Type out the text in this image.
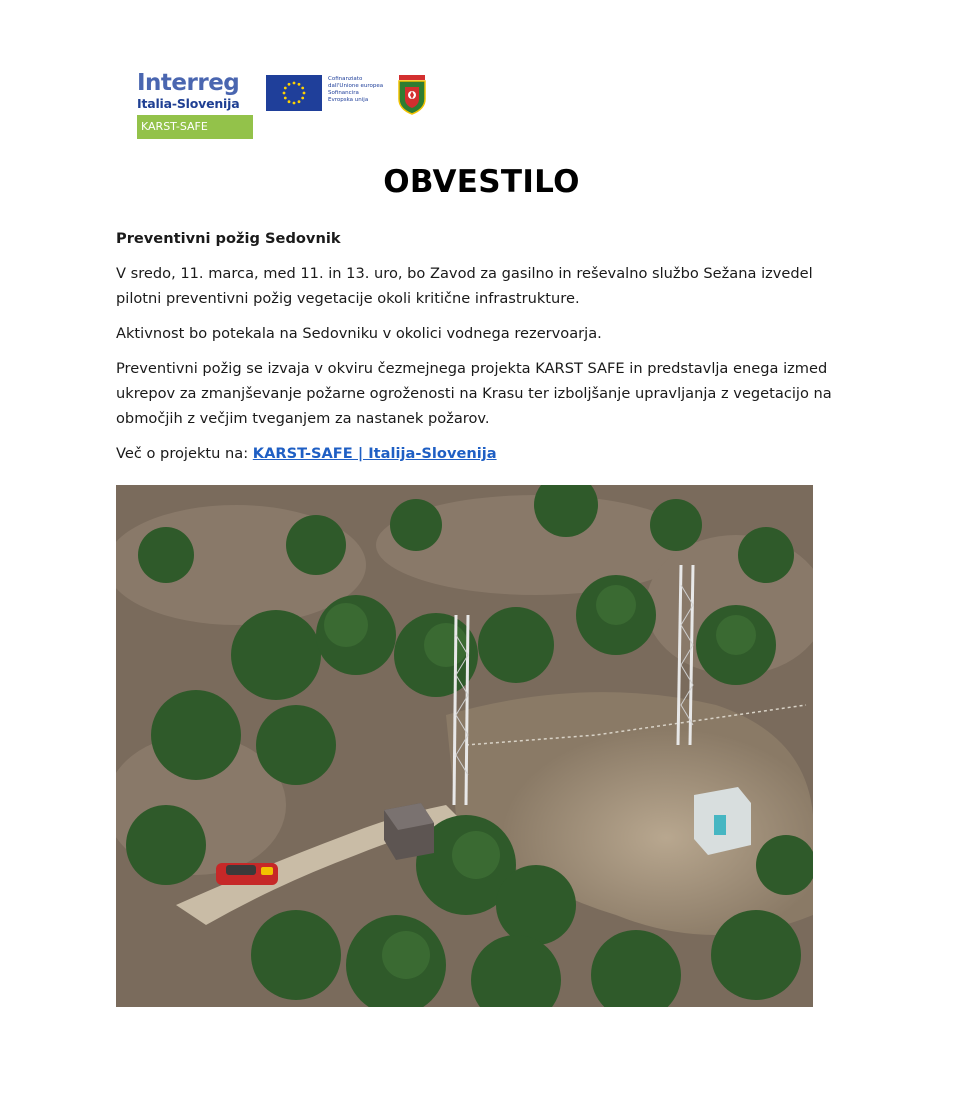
Interreg
Italia-Slovenija
KARST-SAFE
Cofinanziato
dall'Unione europea
Sofinancira
Evropska unija
OBVESTILO

Preventivni požig Sedovnik

V sredo, 11. marca, med 11. in 13. uro, bo Zavod za gasilno in reševalno službo Sežana izvedel pilotni preventivni požig vegetacije okoli kritične infrastrukture.

Aktivnost bo potekala na Sedovniku v okolici vodnega rezervoarja.

Preventivni požig se izvaja v okviru čezmejnega projekta KARST SAFE in predstavlja enega izmed ukrepov za zmanjševanje požarne ogroženosti na Krasu ter izboljšanje upravljanja z vegetacijo na območjih z večjim tveganjem za nastanek požarov.

Več o projektu na: KARST-SAFE | Italija-Slovenija
